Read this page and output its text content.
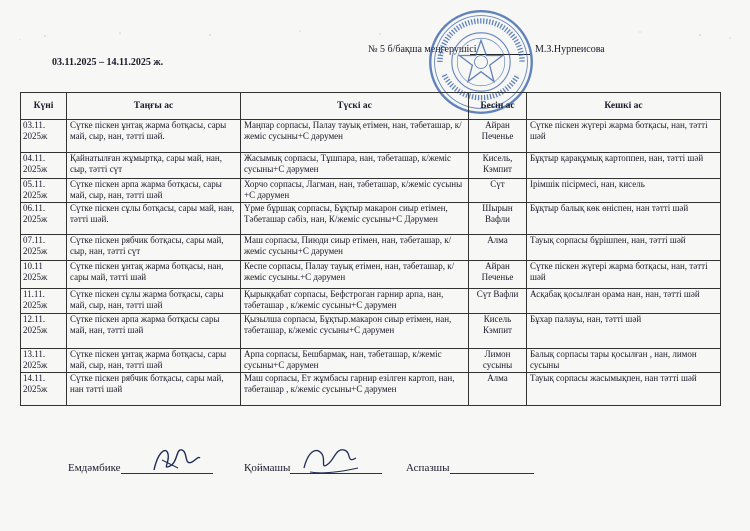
03.11.2025 – 14.11.2025 ж.
№ 5 б/бақша меңгерушісі	М.З.Нурпеисова
Күні	Таңғы ас	Түскі ас	Бесін ас	Кешкі ас
03.11. 2025ж	Сүтке піскен ұнтақ жарма ботқасы, сары май, сыр, нан, тәтті шәй.	Маңпар сорпасы, Палау тауық етімен, нан, тәбеташар, к/жеміс сусыны+С дәрумен	Айран Печенье	Сүтке піскен жүгері жарма ботқасы, нан, тәтті шәй
04.11. 2025ж	Қайнатылған жұмыртқа, сары май, нан, сыр, тәтті сүт	Жасымық сорпасы, Тұшпара, нан, тәбеташар, к/жеміс сусыны+С дәрумен	Кисель, Кэмпит	Бұқтыр қарақұмық картоппен, нан, тәтті шәй
05.11. 2025ж	Сүтке піскен арпа жарма ботқасы, сары май, сыр, нан, тәтті шәй	Хорчо сорпасы, Лагман, нан, тәбеташар, к/жеміс сусыны +С дәрумен	Сүт	Ірімшік пісірмесі, нан, кисель
06.11. 2025ж	Сүтке піскен сұлы ботқасы, сары май, нан, тәтті шәй.	Үрме бұршақ сорпасы, Бұқтыр макарон сиыр етімен, Тәбеташар сәбіз, нан, К/жеміс сусыны+С Дәрумен	Шырын Вафли	Бұқтыр балық көк өніспен, нан тәтті шәй
07.11. 2025ж	Сүтке піскен рябчик ботқасы, сары май, сыр, нан, тәтті сүт	Маш сорпасы, Пиюди сиыр етімен, нан, тәбеташар, к/жеміс сусыны+С дәрумен	Алма	Тауық сорпасы бұрішпен, нан, тәтті шәй
10.11 2025ж	Сүтке піскен ұнтақ жарма ботқасы, нан, сары май, тәтті шәй	Кеспе сорпасы, Палау тауық етімен, нан, тәбеташар, к/жеміс сусыны.+С дәрумен	Айран Печенье	Сүтке піскен жүгері жарма ботқасы, нан, тәтті шәй
11.11. 2025ж	Сүтке піскен сұлы жарма ботқасы, сары май, сыр, нан, тәтті шәй	Қырыққабат сорпасы, Бефстроган гарнир арпа, нан, тәбеташар , к/жеміс сусыны+С дәрумен	Сүт Вафли	Асқабақ қосылған орама нан, нан, тәтті шәй
12.11. 2025ж	Сүтке піскен арпа жарма ботқасы сары май, нан, тәтті шәй	Қызылша сорпасы, Бұқтыр.макарон сиыр етімен, нан, тәбеташар, к/жеміс сусыны+С дәрумен	Кисель Кэмпит	Бұхар палауы, нан, тәтті шәй
13.11. 2025ж	Сүтке піскен ұнтақ жарма ботқасы, сары май, сыр, нан, тәтті шәй	Арпа сорпасы, Бешбармақ, нан, тәбеташар, к/жеміс сусыны+С дәрумен	Лимон сусыны	Балық сорпасы тары қосылған , нан, лимон сусыны
14.11. 2025ж	Сүтке піскен рябчик ботқасы, сары май, нан тәтті шәй	Маш сорпасы, Ет жұмбасы гарнир езілген картоп, нан, тәбеташар , к/жеміс сусыны+С дәрумен	Алма	Тауық сорпасы жасымықпен, нан тәтті шәй
Емдәмбике	Қоймашы	Аспазшы
